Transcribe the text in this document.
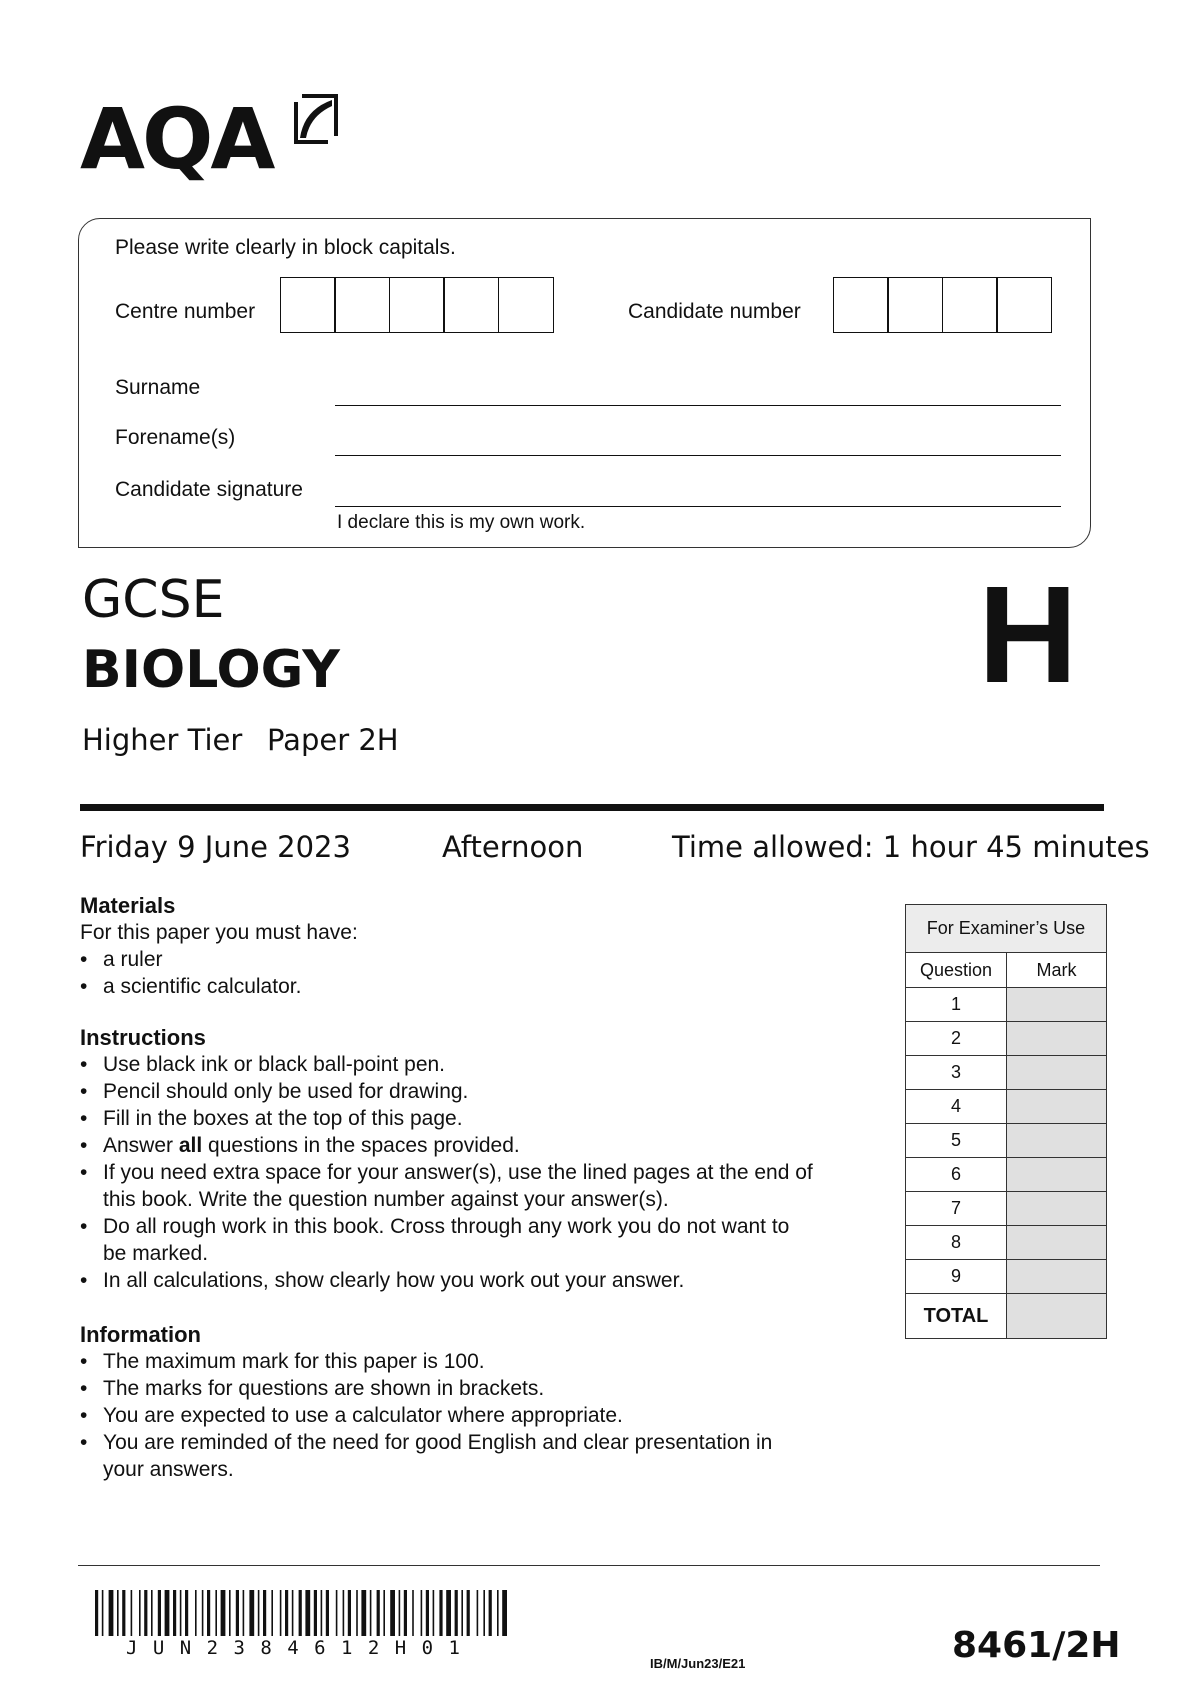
AQA
Please write clearly in block capitals.
Centre number	Candidate number
Surname
Forename(s)
Candidate signature
I declare this is my own work.
GCSE
BIOLOGY
Higher Tier Paper 2H
H
Friday 9 June 2023	Afternoon	Time allowed: 1 hour 45 minutes
Materials

For this paper you must have:

• a ruler
• a scientific calculator.
Instructions
• Use black ink or black ball-point pen.
• Pencil should only be used for drawing.
• Fill in the boxes at the top of this page.
• Answer all questions in the spaces provided.
• If you need extra space for your answer(s), use the lined pages at the end of this book. Write the question number against your answer(s).
• Do all rough work in this book. Cross through any work you do not want to be marked.
• In all calculations, show clearly how you work out your answer.
Information
• The maximum mark for this paper is 100.
• The marks for questions are shown in brackets.
• You are expected to use a calculator where appropriate.
• You are reminded of the need for good English and clear presentation in your answers.
For Examiner’s Use	
Question	Mark
1	
2	
3	
4	
5	
6	
7	
8	
9	
TOTAL	
J U N 2 3 8 4 6 1 2 H 0 1
IB/M/Jun23/E21	8461/2H
